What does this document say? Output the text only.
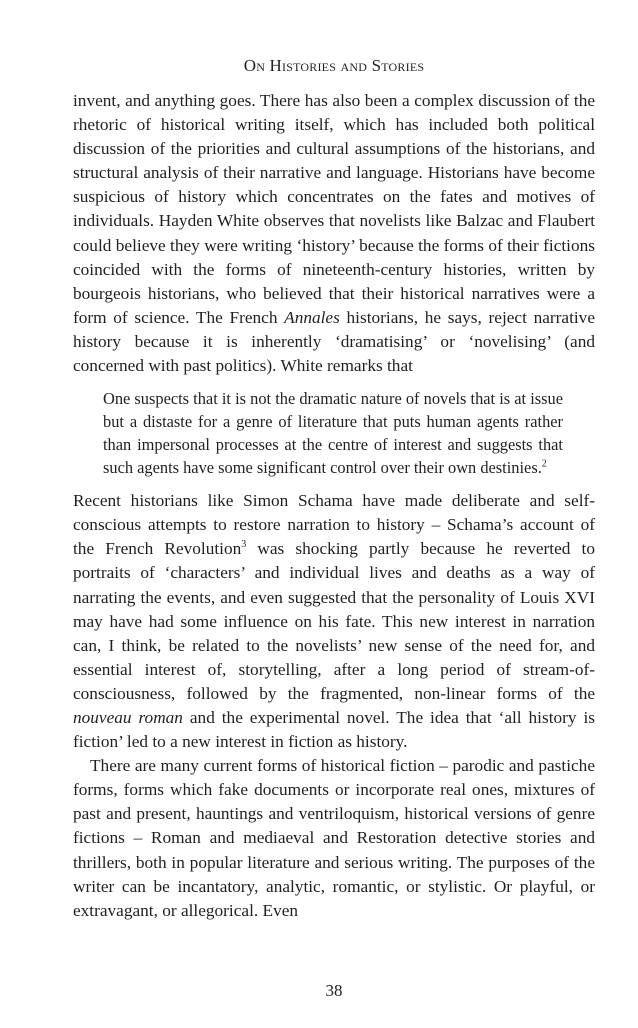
On Histories and Stories

invent, and anything goes. There has also been a complex discussion of the rhetoric of historical writing itself, which has included both political discussion of the priorities and cultural assumptions of the historians, and structural analysis of their narrative and language. Historians have become suspicious of history which concentrates on the fates and motives of individuals. Hayden White observes that novelists like Balzac and Flaubert could believe they were writing ‘history’ because the forms of their fictions coincided with the forms of nineteenth-century histories, written by bourgeois historians, who believed that their historical narratives were a form of science. The French Annales historians, he says, reject narrative history because it is inherently ‘dramatising’ or ‘novelising’ (and concerned with past politics). White remarks that

One suspects that it is not the dramatic nature of novels that is at issue but a distaste for a genre of literature that puts human agents rather than impersonal processes at the centre of interest and suggests that such agents have some significant control over their own destinies.$^2$

Recent historians like Simon Schama have made deliberate and self-conscious attempts to restore narration to history – Schama’s account of the French Revolution$^3$ was shocking partly because he reverted to portraits of ‘characters’ and individual lives and deaths as a way of narrating the events, and even suggested that the personality of Louis XVI may have had some influence on his fate. This new interest in narration can, I think, be related to the novelists’ new sense of the need for, and essential interest of, storytelling, after a long period of stream-of-consciousness, followed by the fragmented, non-linear forms of the nouveau roman and the experimental novel. The idea that ‘all history is fiction’ led to a new interest in fiction as history.

There are many current forms of historical fiction – parodic and pastiche forms, forms which fake documents or incorporate real ones, mixtures of past and present, hauntings and ventriloquism, historical versions of genre fictions – Roman and mediaeval and Restoration detective stories and thrillers, both in popular literature and serious writing. The purposes of the writer can be incantatory, analytic, romantic, or stylistic. Or playful, or extravagant, or allegorical. Even

38
